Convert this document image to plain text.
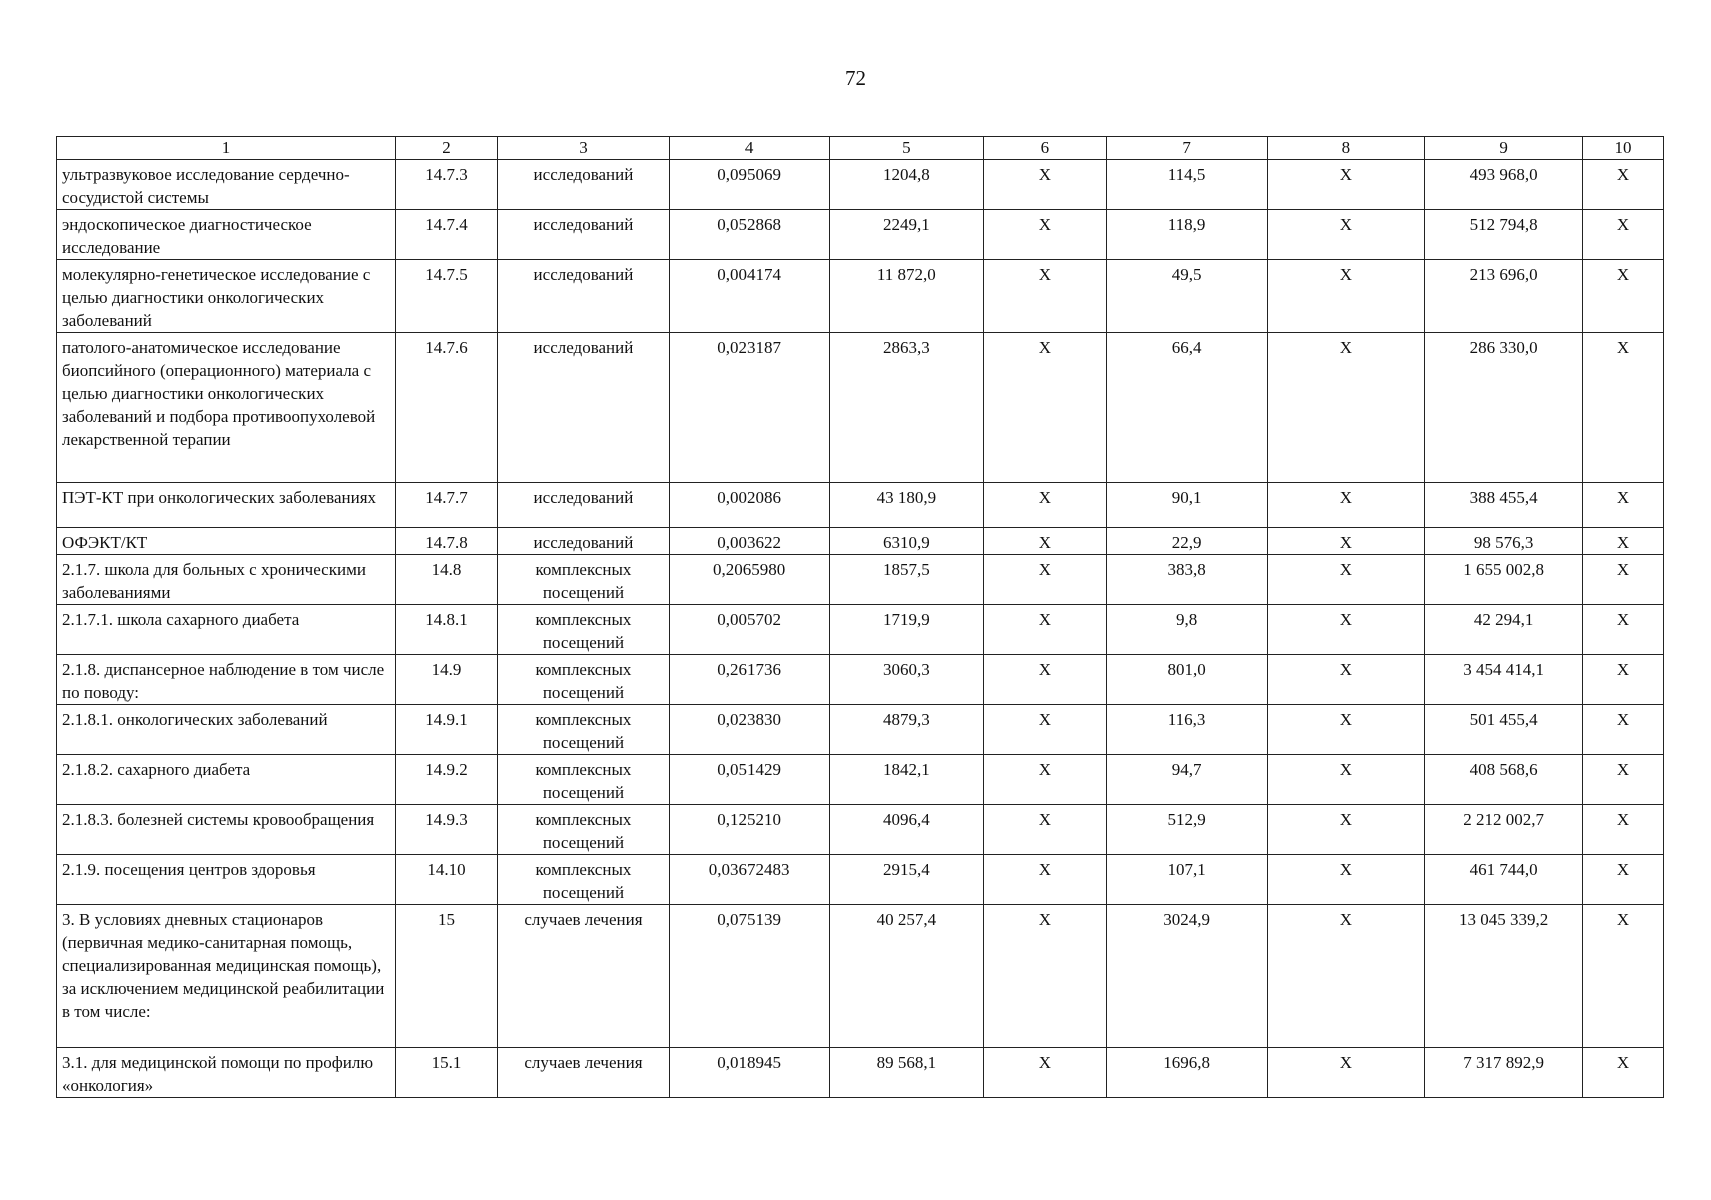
72
1	2	3	4	5	6	7	8	9	10
ультразвуковое исследование сердечно-сосудистой системы	14.7.3	исследований	0,095069	1204,8	X	114,5	X	493 968,0	X
эндоскопическое диагностическое исследование	14.7.4	исследований	0,052868	2249,1	X	118,9	X	512 794,8	X
молекулярно-генетическое исследование с целью диагностики онкологических заболеваний	14.7.5	исследований	0,004174	11 872,0	X	49,5	X	213 696,0	X
патолого-анатомическое исследование биопсийного (операционного) материала с целью диагностики онкологических заболеваний и подбора противоопухолевой лекарственной терапии	14.7.6	исследований	0,023187	2863,3	X	66,4	X	286 330,0	X
ПЭТ-КТ при онкологических заболеваниях	14.7.7	исследований	0,002086	43 180,9	X	90,1	X	388 455,4	X
ОФЭКТ/КТ	14.7.8	исследований	0,003622	6310,9	X	22,9	X	98 576,3	X
2.1.7. школа для больных с хроническими заболеваниями	14.8	комплексных посещений	0,2065980	1857,5	X	383,8	X	1 655 002,8	X
2.1.7.1. школа сахарного диабета	14.8.1	комплексных посещений	0,005702	1719,9	X	9,8	X	42 294,1	X
2.1.8. диспансерное наблюдение в том числе по поводу:	14.9	комплексных посещений	0,261736	3060,3	X	801,0	X	3 454 414,1	X
2.1.8.1. онкологических заболеваний	14.9.1	комплексных посещений	0,023830	4879,3	X	116,3	X	501 455,4	X
2.1.8.2. сахарного диабета	14.9.2	комплексных посещений	0,051429	1842,1	X	94,7	X	408 568,6	X
2.1.8.3. болезней системы кровообращения	14.9.3	комплексных посещений	0,125210	4096,4	X	512,9	X	2 212 002,7	X
2.1.9. посещения центров здоровья	14.10	комплексных посещений	0,03672483	2915,4	X	107,1	X	461 744,0	X
3. В условиях дневных стационаров (первичная медико-санитарная помощь, специализированная медицинская помощь), за исключением медицинской реабилитации в том числе:	15	случаев лечения	0,075139	40 257,4	X	3024,9	X	13 045 339,2	X
3.1. для медицинской помощи по профилю «онкология»	15.1	случаев лечения	0,018945	89 568,1	X	1696,8	X	7 317 892,9	X
